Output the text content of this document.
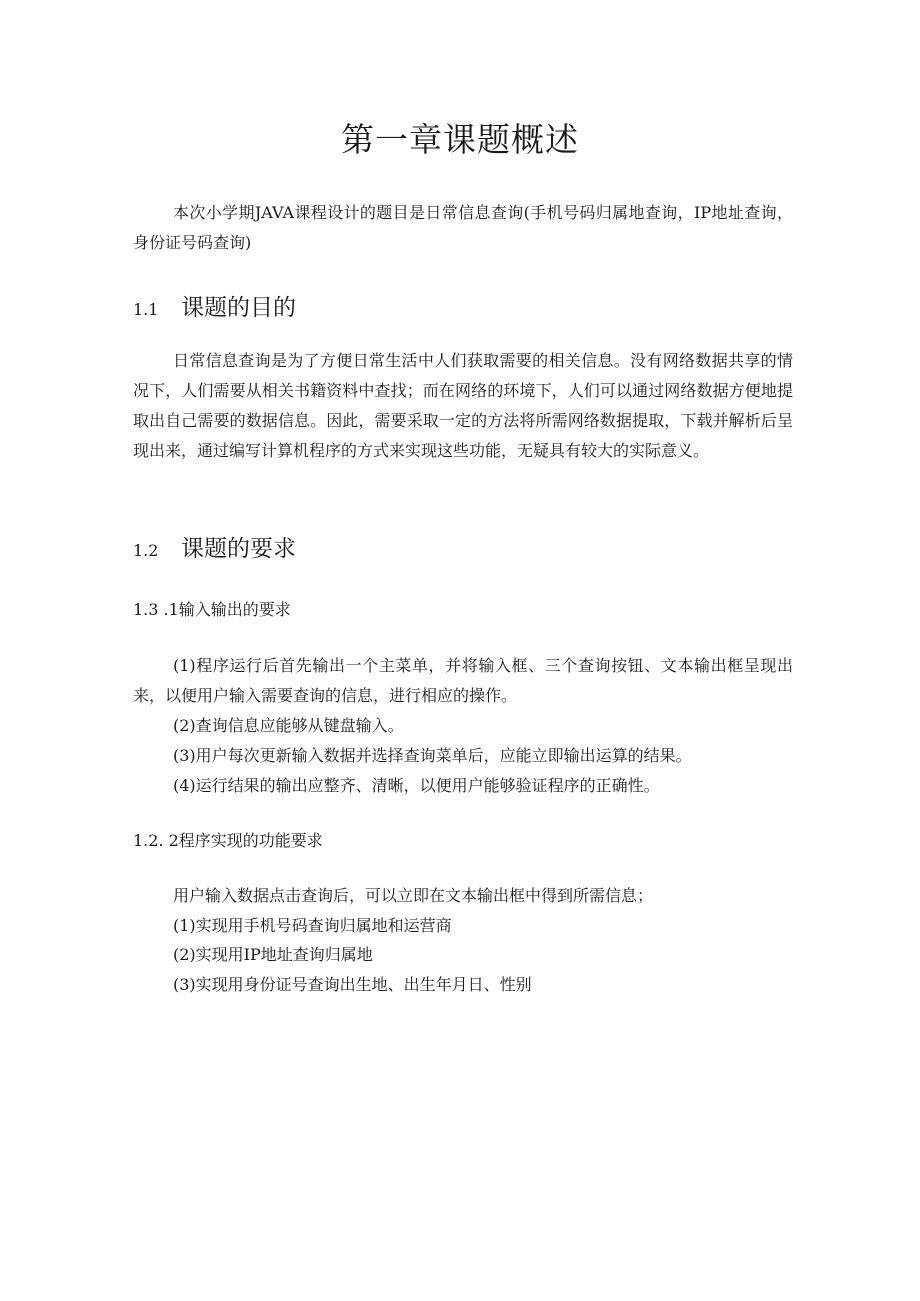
第一章课题概述
本次小学期JAVA课程设计的题目是日常信息查询(手机号码归属地查询，IP地址查询，身份证号码查询)
1.1 课题的目的
日常信息查询是为了方便日常生活中人们获取需要的相关信息。没有网络数据共享的情况下，人们需要从相关书籍资料中查找；而在网络的环境下，人们可以通过网络数据方便地提取出自己需要的数据信息。因此，需要采取一定的方法将所需网络数据提取，下载并解析后呈现出来，通过编写计算机程序的方式来实现这些功能，无疑具有较大的实际意义。
1.2 课题的要求
1.3 .1输入输出的要求
(1)程序运行后首先输出一个主菜单，并将输入框、三个查询按钮、文本输出框呈现出来，以便用户输入需要查询的信息，进行相应的操作。
(2)查询信息应能够从键盘输入。
(3)用户每次更新输入数据并选择查询菜单后，应能立即输出运算的结果。
(4)运行结果的输出应整齐、清晰，以便用户能够验证程序的正确性。
1.2. 2程序实现的功能要求
用户输入数据点击查询后，可以立即在文本输出框中得到所需信息；
(1)实现用手机号码查询归属地和运营商
(2)实现用IP地址查询归属地
(3)实现用身份证号查询出生地、出生年月日、性别
